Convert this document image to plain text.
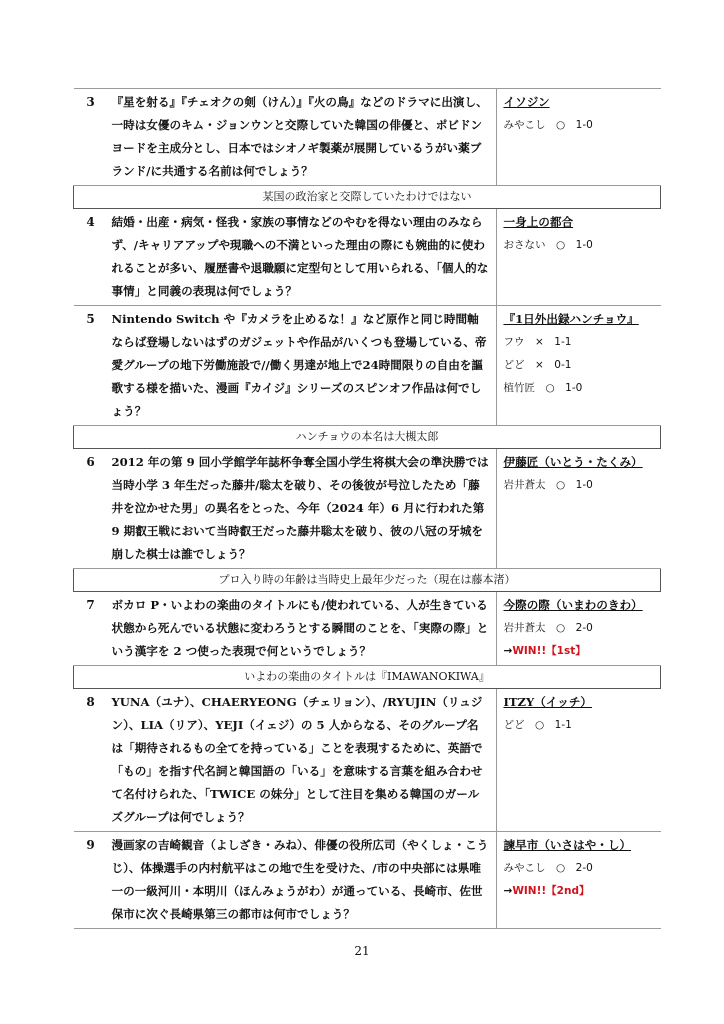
3	『星を射る』『チェオクの剣（けん）』『火の鳥』などのドラマに出演し、一時は女優のキム・ジョンウンと交際していた韓国の俳優と、ポビドンヨードを主成分とし、日本ではシオノギ製薬が展開しているうがい薬ブランド/に共通する名前は何でしょう？	イソジン
みやこし　○　1-0

某国の政治家と交際していたわけではない		
4	結婚・出産・病気・怪我・家族の事情などのやむを得ない理由のみならず、/キャリアアップや現職への不満といった理由の際にも婉曲的に使われることが多い、履歴書や退職願に定型句として用いられる、「個人的な事情」と同義の表現は何でしょう？	一身上の都合
おさない　○　1-0

5	Nintendo Switch や『カメラを止めるな！』など原作と同じ時間軸ならば登場しないはずのガジェットや作品が/いくつも登場している、帝愛グループの地下労働施設で//働く男達が地上で24時間限りの自由を謳歌する様を描いた、漫画『カイジ』シリーズのスピンオフ作品は何でしょう？	『1日外出録ハンチョウ』
フウ　×　1-1
どど　×　0-1
植竹匠　○　1-0

ハンチョウの本名は大槻太郎		
6	2012 年の第 9 回小学館学年誌杯争奪全国小学生将棋大会の準決勝では当時小学 3 年生だった藤井/聡太を破り、その後彼が号泣したため「藤井を泣かせた男」の異名をとった、今年（2024 年）6 月に行われた第 9 期叡王戦において当時叡王だった藤井聡太を破り、彼の八冠の牙城を崩した棋士は誰でしょう？	伊藤匠（いとう・たくみ）
岩井蒼太　○　1-0

プロ入り時の年齢は当時史上最年少だった（現在は藤本渚）		
7	ボカロ P・いよわの楽曲のタイトルにも/使われている、人が生きている状態から死んでいる状態に変わろうとする瞬間のことを、「実際の際」という漢字を 2 つ使った表現で何というでしょう？	今際の際（いまわのきわ）
岩井蒼太　○　2-0
→WIN!!【1st】

いよわの楽曲のタイトルは『IMAWANOKIWA』		
8	YUNA（ユナ）、CHAERYEONG（チェリョン）、/RYUJIN（リュジン）、LIA（リア）、YEJI（イェジ）の 5 人からなる、そのグループ名は「期待されるもの全てを持っている」ことを表現するために、英語で「もの」を指す代名詞と韓国語の「いる」を意味する言葉を組み合わせて名付けられた、「TWICE の妹分」として注目を集める韓国のガールズグループは何でしょう？	ITZY（イッチ）
どど　○　1-1

9	漫画家の吉崎観音（よしざき・みね）、俳優の役所広司（やくしょ・こうじ）、体操選手の内村航平はこの地で生を受けた、/市の中央部には県唯一の一級河川・本明川（ほんみょうがわ）が通っている、長崎市、佐世保市に次ぐ長崎県第三の都市は何市でしょう？	諫早市（いさはや・し）
みやこし　○　2-0
→WIN!!【2nd】
21
